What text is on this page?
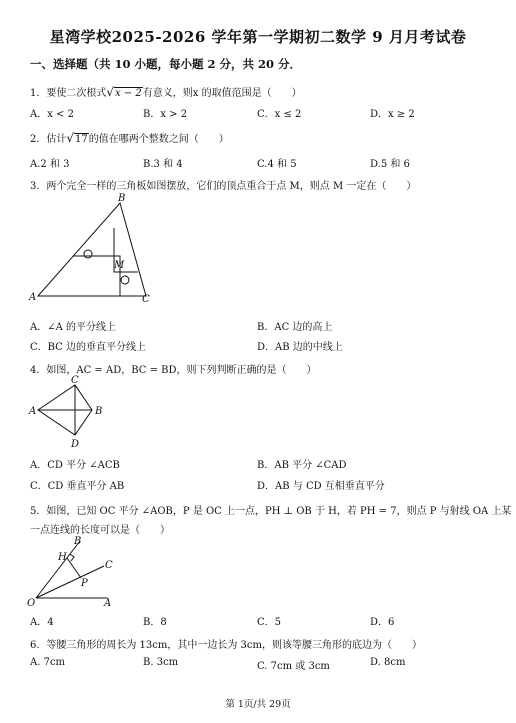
星湾学校2025-2026 学年第一学期初二数学 9 月月考试卷
一、选择题（共 10 小题，每小题 2 分，共 20 分．
1．要使二次根式√x − 2有意义，则x 的取值范围是（　　）
A．x < 2	B．x > 2	C．x ≤ 2	D．x ≥ 2
2．估计√17的值在哪两个整数之间（　　）
A.2 和 3	B.3 和 4	C.4 和 5	D.5 和 6
3．两个完全一样的三角板如图摆放，它们的顶点重合于点 M，则点 M 一定在（　　）
A
B
C
M
A．∠A 的平分线上	B．AC 边的高上
C．BC 边的垂直平分线上	D．AB 边的中线上
4．如图，AC = AD，BC = BD，则下列判断正确的是（　　）
A	B
C
D
A．CD 平分 ∠ACB	B．AB 平分 ∠CAD
C．CD 垂直平分 AB	D．AB 与 CD 互相垂直平分
5．如图，已知 OC 平分 ∠AOB，P 是 OC 上一点，PH ⊥ OB 于 H，若 PH = 7，则点 P 与射线 OA 上某
一点连线的长度可以是（　　）
B
H
C
P
O	A
A．4	B．8	C．5	D．6
6．等腰三角形的周长为 13cm，其中一边长为 3cm，则该等腰三角形的底边为（　　）
A. 7cm	B. 3cm	C. 7cm 或 3cm	D. 8cm
第 1页/共 29页
